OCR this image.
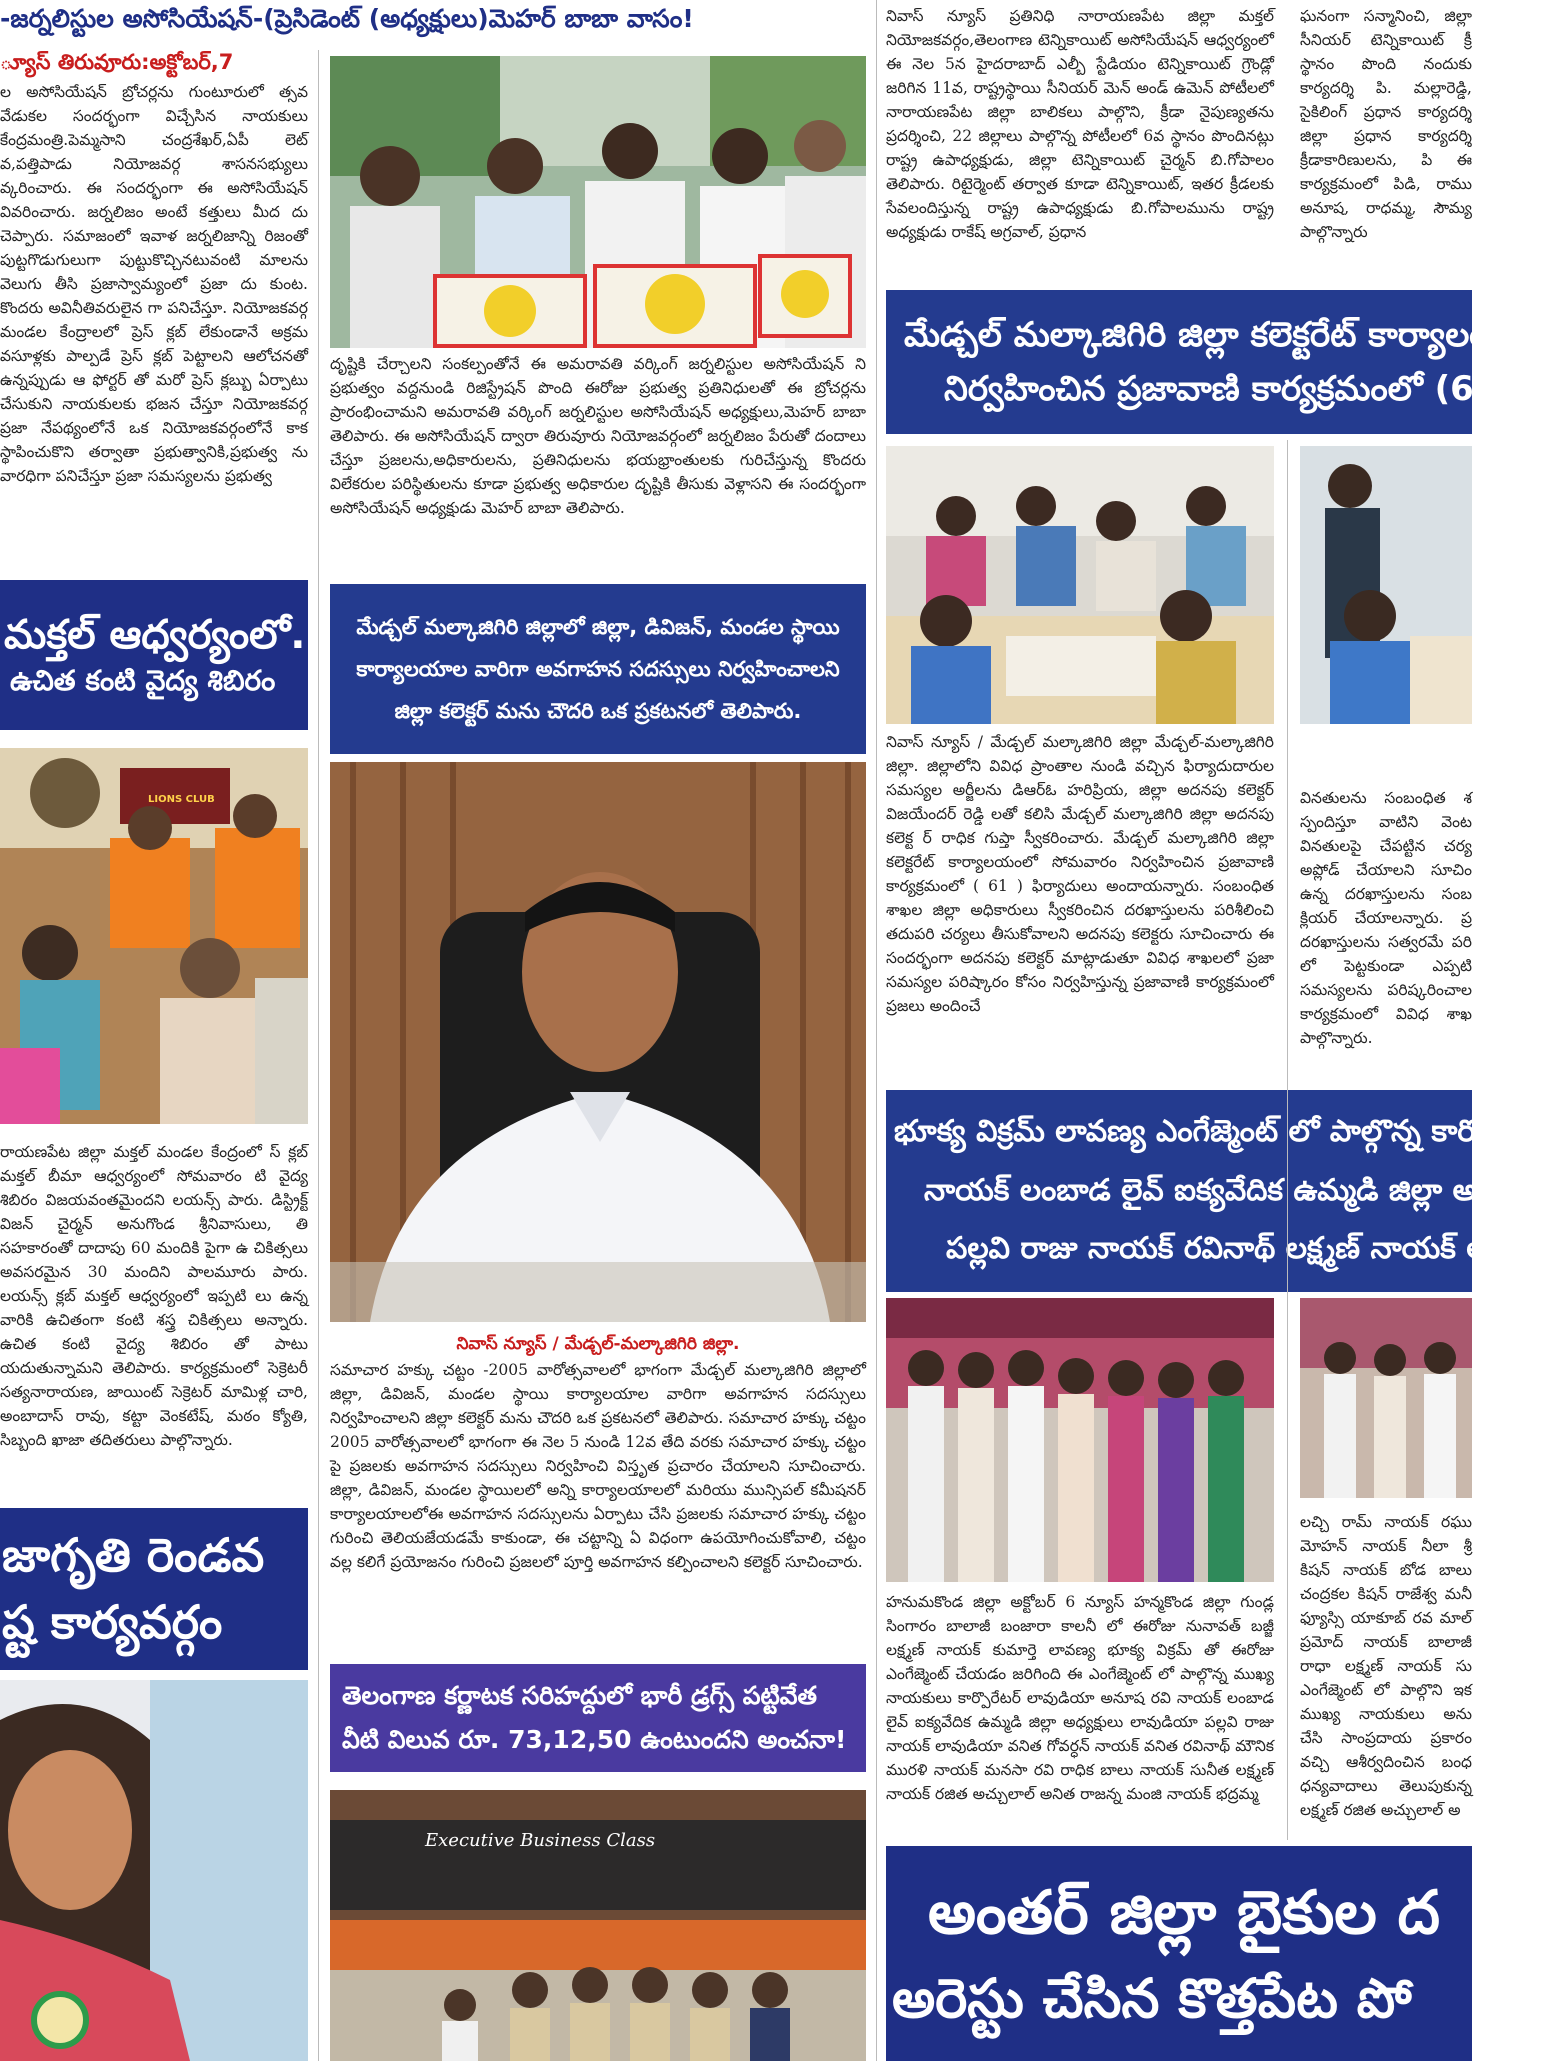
-జర్నలిస్టుల అసోసియేషన్-(ప్రెసిడెంట్ (అధ్యక్షులు)మెహర్ బాబా వాసం!
్యూస్ తిరువూరు:అక్టోబర్,7

ల అసోసియేషన్ బ్రోచర్లను గుంటూరులో త్సవ వేడుకల సందర్భంగా విచ్చేసిన నాయకులు కేంద్రమంత్రి.పెమ్మసాని చంద్రశేఖర్,ఏపీ లెట్ వ,పత్తిపాడు నియోజవర్గ శాసనసభ్యులు వ్కరించారు. ఈ సందర్భంగా ఈ అసోసియేషన్ వివరించారు. జర్నలిజం అంటే కత్తులు మీద దు చెప్పారు. సమాజంలో ఇవాళ జర్నలిజాన్ని రిజంతో పుట్టగొడుగులుగా పుట్టుకొచ్చినటువంటి మాలను వెలుగు తీసి ప్రజాస్వామ్యంలో ప్రజా దు కుంట. కొందరు అవినీతివరులైన గా పనిచేస్తూ. నియోజకవర్గ మండల కేంద్రాలలో ప్రెస్ క్లబ్ లేకుండానే అక్రమ వసూళ్లకు పాల్పడే ప్రెస్ క్లబ్ పెట్టాలని ఆలోచనతో ఉన్నప్పుడు ఆ ఫోర్టర్ తో మరో ప్రెస్ క్లబ్బు ఏర్పాటు చేసుకుని నాయకులకు భజన చేస్తూ నియోజకవర్గ ప్రజా నేపథ్యంలోనే ఒక నియోజకవర్గంలోనే కాక స్థాపించుకొని తర్వాతా ప్రభుత్వానికి,ప్రభుత్వ ను వారధిగా పనిచేస్తూ ప్రజా సమస్యలను ప్రభుత్వ

మక్తల్ ఆధ్వర్యంలో.
ఉచిత కంటి వైద్య శిబిరం
LIONS CLUB

రాయణపేట జిల్లా మక్తల్ మండల కేంద్రంలో స్ క్లబ్ మక్తల్ బీమా ఆధ్వర్యంలో సోమవారం టి వైద్య శిబిరం విజయవంతమైందని లయన్స్ పారు. డిస్ట్రిక్ట్ విజన్ చైర్మన్ అనుగొండ శ్రీనివాసులు, తి సహకారంతో దాదాపు 60 మందికి పైగా ఉ చికిత్సలు అవసరమైన 30 మందిని పాలమూరు పారు. లయన్స్ క్లబ్ మక్తల్ ఆధ్వర్యంలో ఇప్పటి లు ఉన్న వారికి ఉచితంగా కంటి శస్త్ర చికిత్సలు అన్నారు. ఉచిత కంటి వైద్య శిబిరం తో పాటు యదుతున్నామని తెలిపారు. కార్యక్రమంలో సెక్రెటరీ సత్యనారాయణ, జాయింట్ సెక్రెటర్ మామిళ్ల చారి, అంబాదాస్ రావు, కట్టా వెంకటేష్, మఠం క్యోతి, సిబ్బంది ఖాజా తదితరులు పాల్గొన్నారు.

జాగృతి రెండవ
ష్ట కార్యవర్గం

దృష్టికి చేర్చాలని సంకల్పంతోనే ఈ అమరావతి వర్కింగ్ జర్నలిస్టుల అసోసియేషన్ ని ప్రభుత్వం వద్దనుండి రిజిస్ట్రేషన్ పొంది ఈరోజు ప్రభుత్వ ప్రతినిధులతో ఈ బ్రోచర్లను ప్రారంభించామని అమరావతి వర్కింగ్ జర్నలిస్టుల అసోసియేషన్ అధ్యక్షులు,మెహర్ బాబా తెలిపారు. ఈ అసోసియేషన్ ద్వారా తిరువూరు నియోజవర్గంలో జర్నలిజం పేరుతో దందాలు చేస్తూ ప్రజలను,అధికారులను, ప్రతినిధులను భయభ్రాంతులకు గురిచేస్తున్న కొందరు విలేకరుల పరిస్థితులను కూడా ప్రభుత్వ అధికారుల దృష్టికి తీసుకు వెళ్లాసని ఈ సందర్భంగా అసోసియేషన్ అధ్యక్షుడు మెహర్ బాబా తెలిపారు.

మేడ్చల్ మల్కాజిగిరి జిల్లాలో జిల్లా, డివిజన్, మండల స్థాయి
కార్యాలయాల వారిగా అవగాహన సదస్సులు నిర్వహించాలని
జిల్లా కలెక్టర్ మను చౌదరి ఒక ప్రకటనలో తెలిపారు.
నివాస్ న్యూస్ / మేడ్చల్-మల్కాజిగిరి జిల్లా.

సమాచార హక్కు చట్టం -2005 వారోత్సవాలలో భాగంగా మేడ్చల్ మల్కాజిగిరి జిల్లాలో జిల్లా, డివిజన్, మండల స్థాయి కార్యాలయాల వారిగా అవగాహన సదస్సులు నిర్వహించాలని జిల్లా కలెక్టర్ మను చౌదరి ఒక ప్రకటనలో తెలిపారు. సమాచార హక్కు చట్టం 2005 వారోత్సవాలలో భాగంగా ఈ నెల 5 నుండి 12వ తేది వరకు సమాచార హక్కు చట్టం పై ప్రజలకు అవగాహన సదస్సులు నిర్వహించి విస్తృత ప్రచారం చేయాలని సూచించారు. జిల్లా, డివిజన్, మండల స్థాయిలలో అన్ని కార్యాలయాలలో మరియు మున్సిపల్ కమీషనర్ కార్యాలయాలలోఈ అవగాహన సదస్సులను ఏర్పాటు చేసి ప్రజలకు సమాచార హక్కు చట్టం గురించి తెలియజేయడమే కాకుండా, ఈ చట్టాన్ని ఏ విధంగా ఉపయోగించుకోవాలి, చట్టం వల్ల కలిగే ప్రయోజనం గురించి ప్రజలలో పూర్తి అవగాహన కల్పించాలని కలెక్టర్ సూచించారు.

తెలంగాణ కర్ణాటక సరిహద్దులో భారీ డ్రగ్స్ పట్టివేత
వీటి విలువ రూ. 73,12,50 ఉంటుందని అంచనా!
Executive Business Class

నివాస్ న్యూస్ ప్రతినిధి నారాయణపేట జిల్లా మక్తల్ నియోజకవర్గం,తెలంగాణ టెన్నికాయిట్ అసోసియేషన్ ఆధ్వర్యంలో ఈ నెల 5న హైదరాబాద్ ఎల్బీ స్టేడియం టెన్నికాయిట్ గ్రౌండ్లో జరిగిన 11వ, రాష్ట్రస్థాయి సీనియర్ మెన్ అండ్ ఉమెన్ పోటీలలో నారాయణపేట జిల్లా బాలికలు పాల్గొని, క్రీడా నైపుణ్యతను ప్రదర్శించి, 22 జిల్లాలు పాల్గొన్న పోటీలలో 6వ స్థానం పొందినట్లు రాష్ట్ర ఉపాధ్యక్షుడు, జిల్లా టెన్నికాయిట్ చైర్మన్ బి.గోపాలం తెలిపారు. రిటైర్మెంట్ తర్వాత కూడా టెన్నికాయిట్, ఇతర క్రీడలకు సేవలందిస్తున్న రాష్ట్ర ఉపాధ్యక్షుడు బి.గోపాలమును రాష్ట్ర అధ్యక్షుడు రాకేష్ అగ్రవాల్, ప్రధాన

మేడ్చల్ మల్కాజిగిరి జిల్లా కలెక్టరేట్ కార్యాలయం
నిర్వహించిన ప్రజావాణి కార్యక్రమంలో (61) ఫి

నివాస్ న్యూస్ / మేడ్చల్ మల్కాజిగిరి జిల్లా మేడ్చల్-మల్కాజిగిరి జిల్లా. జిల్లాలోని వివిధ ప్రాంతాల నుండి వచ్చిన ఫిర్యాదుదారుల సమస్యల అర్జీలను డిఆర్ఓ హరిప్రియ, జిల్లా అదనపు కలెక్టర్ విజయేందర్ రెడ్డి లతో కలిసి మేడ్చల్ మల్కాజిగిరి జిల్లా అదనపు కలెక్ట ర్ రాధిక గుప్తా స్వీకరించారు. మేడ్చల్ మల్కాజిగిరి జిల్లా కలెక్టరేట్ కార్యాలయంలో సోమవారం నిర్వహించిన ప్రజావాణి కార్యక్రమంలో ( 61 ) ఫిర్యాదులు అందాయన్నారు. సంబంధిత శాఖల జిల్లా అధికారులు స్వీకరించిన దరఖాస్తులను పరిశీలించి తదుపరి చర్యలు తీసుకోవాలని అదనపు కలెక్టరు సూచించారు ఈ సందర్భంగా అదనపు కలెక్టర్ మాట్లాడుతూ వివిధ శాఖలలో ప్రజా సమస్యల పరిష్కారం కోసం నిర్వహిస్తున్న ప్రజావాణి కార్యక్రమంలో ప్రజలు అందించే

భూక్య విక్రమ్ లావణ్య ఎంగేజ్మెంట్ లో పాల్గొన్న కార్పొరే
నాయక్ లంబాడ లైవ్ ఐక్యవేదిక ఉమ్మడి జిల్లా అధ్య
పల్లవి రాజు నాయక్ రవినాథ్ లక్ష్మణ్ నాయక్ అ

హనుమకొండ జిల్లా అక్టోబర్ 6 న్యూస్ హన్మకొండ జిల్లా గుండ్ల సింగారం బాలాజీ బంజారా కాలనీ లో ఈరోజు నునావత్ బజ్జీ లక్ష్మణ్ నాయక్ కుమార్తె లావణ్య భూక్య విక్రమ్ తో ఈరోజు ఎంగేజ్మెంట్ చేయడం జరిగింది ఈ ఎంగేజ్మెంట్ లో పాల్గొన్న ముఖ్య నాయకులు కార్పొరేటర్ లావుడియా అనూష రవి నాయక్ లంబాడ లైవ్ ఐక్యవేదిక ఉమ్మడి జిల్లా అధ్యక్షులు లావుడియా పల్లవి రాజు నాయక్ లావుడియా వనిత గోవర్ధన్ నాయక్ వనిత రవినాథ్ మౌనిక మురళి నాయక్ మనసా రవి రాధిక బాలు నాయక్ సునీత లక్ష్మణ్ నాయక్ రజిత అచ్చులాల్ అనిత రాజన్న మంజి నాయక్ భద్రమ్మ

అంతర్ జిల్లా బైకుల ద
అరెస్టు చేసిన కొత్తపేట పో

ఘనంగా సన్మానించి, జిల్లా సీనియర్ టెన్నికాయిట్ క్రీ స్థానం పొంది నందుకు కార్యదర్శి పి. మల్లారెడ్డి, సైకిలింగ్ ప్రధాన కార్యదర్శి జిల్లా ప్రధాన కార్యదర్శి క్రీడాకారిణులను, పి ఈ కార్యక్రమంలో పిడి, రాము అనూష, రాధమ్మ, సౌమ్య పాల్గొన్నారు

వినతులను సంబంధిత శ స్పందిస్తూ వాటిని వెంట వినతులపై చేపట్టిన చర్య అప్లోడ్ చేయాలని సూచిం ఉన్న దరఖాస్తులను సంబ క్లియర్ చేయాలన్నారు. ప్ర దరఖాస్తులను సత్వరమే పరి లో పెట్టకుండా ఎప్పటి సమస్యలను పరిష్కరించాల కార్యక్రమంలో వివిధ శాఖ పాల్గొన్నారు.

లచ్చి రామ్ నాయక్ రఘు మోహన్ నాయక్ నీలా శ్రీ కిషన్ నాయక్ బోడ బాలు చంద్రకల కిషన్ రాజేశ్వ మనీ ఫ్యూస్సి యాకూబ్ రవ మాల్ ప్రమోద్ నాయక్ బాలాజీ రాధా లక్ష్మణ్ నాయక్ సు ఎంగేజ్మెంట్ లో పాల్గొని ఇక ముఖ్య నాయకులు అను చేసి సాంప్రదాయ ప్రకారం వచ్చి ఆశీర్వదించిన బంధ ధన్యవాదాలు తెలుపుకున్న లక్ష్మణ్ రజిత అచ్చులాల్ అ
